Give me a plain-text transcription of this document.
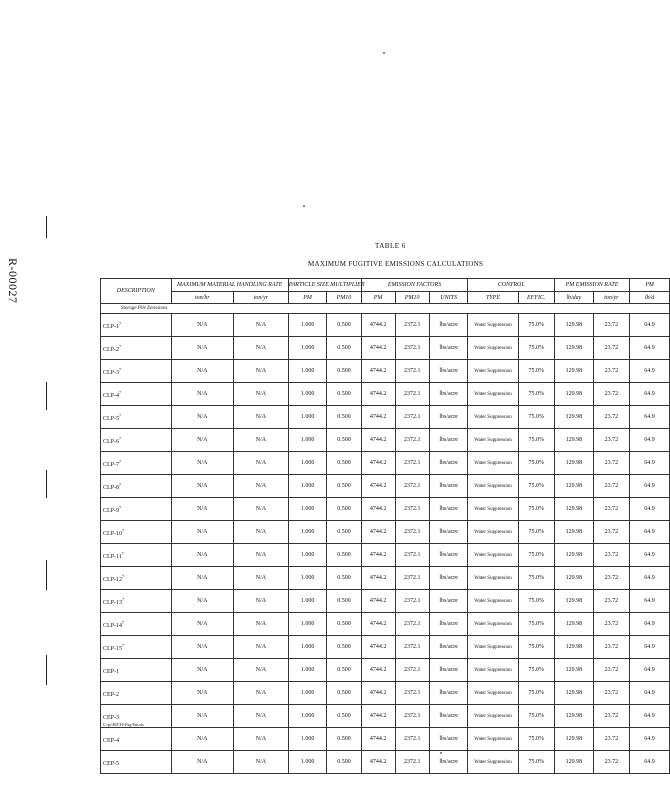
R-00027
TABLE 6
MAXIMUM FUGITIVE EMISSIONS CALCULATIONS
DESCRIPTION	MAXIMUM MATERIAL HANDLING RATE		PARTICLE SIZE MULTIPLIER		EMISSION FACTORS			CONTROL		PM EMISSION RATE		PM
	ton/hr	ton/yr	PM	PM10	PM	PM10	UNITS	TYPE	EFFIC.	lb/day	ton/yr	lb/d
Storage Pile Emissions												
CLP-$1^7$	N/A	N/A	1.000	0.500	4744.2	2372.1	lbs/acre	Water Suppression	75.0%	129.98	23.72	64.9
CLP-$2^7$	N/A	N/A	1.000	0.500	4744.2	2372.1	lbs/acre	Water Suppression	75.0%	129.98	23.72	64.9
CLP-$3^7$	N/A	N/A	1.000	0.500	4744.2	2372.1	lbs/acre	Water Suppression	75.0%	129.98	23.72	64.9
CLP-$4^7$	N/A	N/A	1.000	0.500	4744.2	2372.1	lbs/acre	Water Suppression	75.0%	129.98	23.72	64.9
CLP-$5^7$	N/A	N/A	1.000	0.500	4744.2	2372.1	lbs/acre	Water Suppression	75.0%	129.98	23.72	64.9
CLP-$6^7$	N/A	N/A	1.000	0.500	4744.2	2372.1	lbs/acre	Water Suppression	75.0%	129.98	23.72	64.9
CLP-$7^7$	N/A	N/A	1.000	0.500	4744.2	2372.1	lbs/acre	Water Suppression	75.0%	129.98	23.72	64.9
CLP-$8^7$	N/A	N/A	1.000	0.500	4744.2	2372.1	lbs/acre	Water Suppression	75.0%	129.98	23.72	64.9
CLP-$9^7$	N/A	N/A	1.000	0.500	4744.2	2372.1	lbs/acre	Water Suppression	75.0%	129.98	23.72	64.9
CLP-$10^7$	N/A	N/A	1.000	0.500	4744.2	2372.1	lbs/acre	Water Suppression	75.0%	129.98	23.72	64.9
CLP-$11^7$	N/A	N/A	1.000	0.500	4744.2	2372.1	lbs/acre	Water Suppression	75.0%	129.98	23.72	64.9
CLP-$12^7$	N/A	N/A	1.000	0.500	4744.2	2372.1	lbs/acre	Water Suppression	75.0%	129.98	23.72	64.9
CLP-$13^7$	N/A	N/A	1.000	0.500	4744.2	2372.1	lbs/acre	Water Suppression	75.0%	129.98	23.72	64.9
CLP-$14^7$	N/A	N/A	1.000	0.500	4744.2	2372.1	lbs/acre	Water Suppression	75.0%	129.98	23.72	64.9
CLP-$15^7$	N/A	N/A	1.000	0.500	4744.2	2372.1	lbs/acre	Water Suppression	75.0%	129.98	23.72	64.9
CEP-1	N/A	N/A	1.000	0.500	4744.2	2372.1	lbs/acre	Water Suppression	75.0%	129.98	23.72	64.9
CEP-2	N/A	N/A	1.000	0.500	4744.2	2372.1	lbs/acre	Water Suppression	75.0%	129.98	23.72	64.9
CEP-3	N/A	N/A	1.000	0.500	4744.2	2372.1	lbs/acre	Water Suppression	75.0%	129.98	23.72	64.9
CEP-4	N/A	N/A	1.000	0.500	4744.2	2372.1	lbs/acre	Water Suppression	75.0%	129.98	23.72	64.9
CEP-5	N/A	N/A	1.000	0.500	4744.2	2372.1	lbs/acre	Water Suppression	75.0%	129.98	23.72	64.9
C:\pc\ED\T6-Fug-Em.xls
